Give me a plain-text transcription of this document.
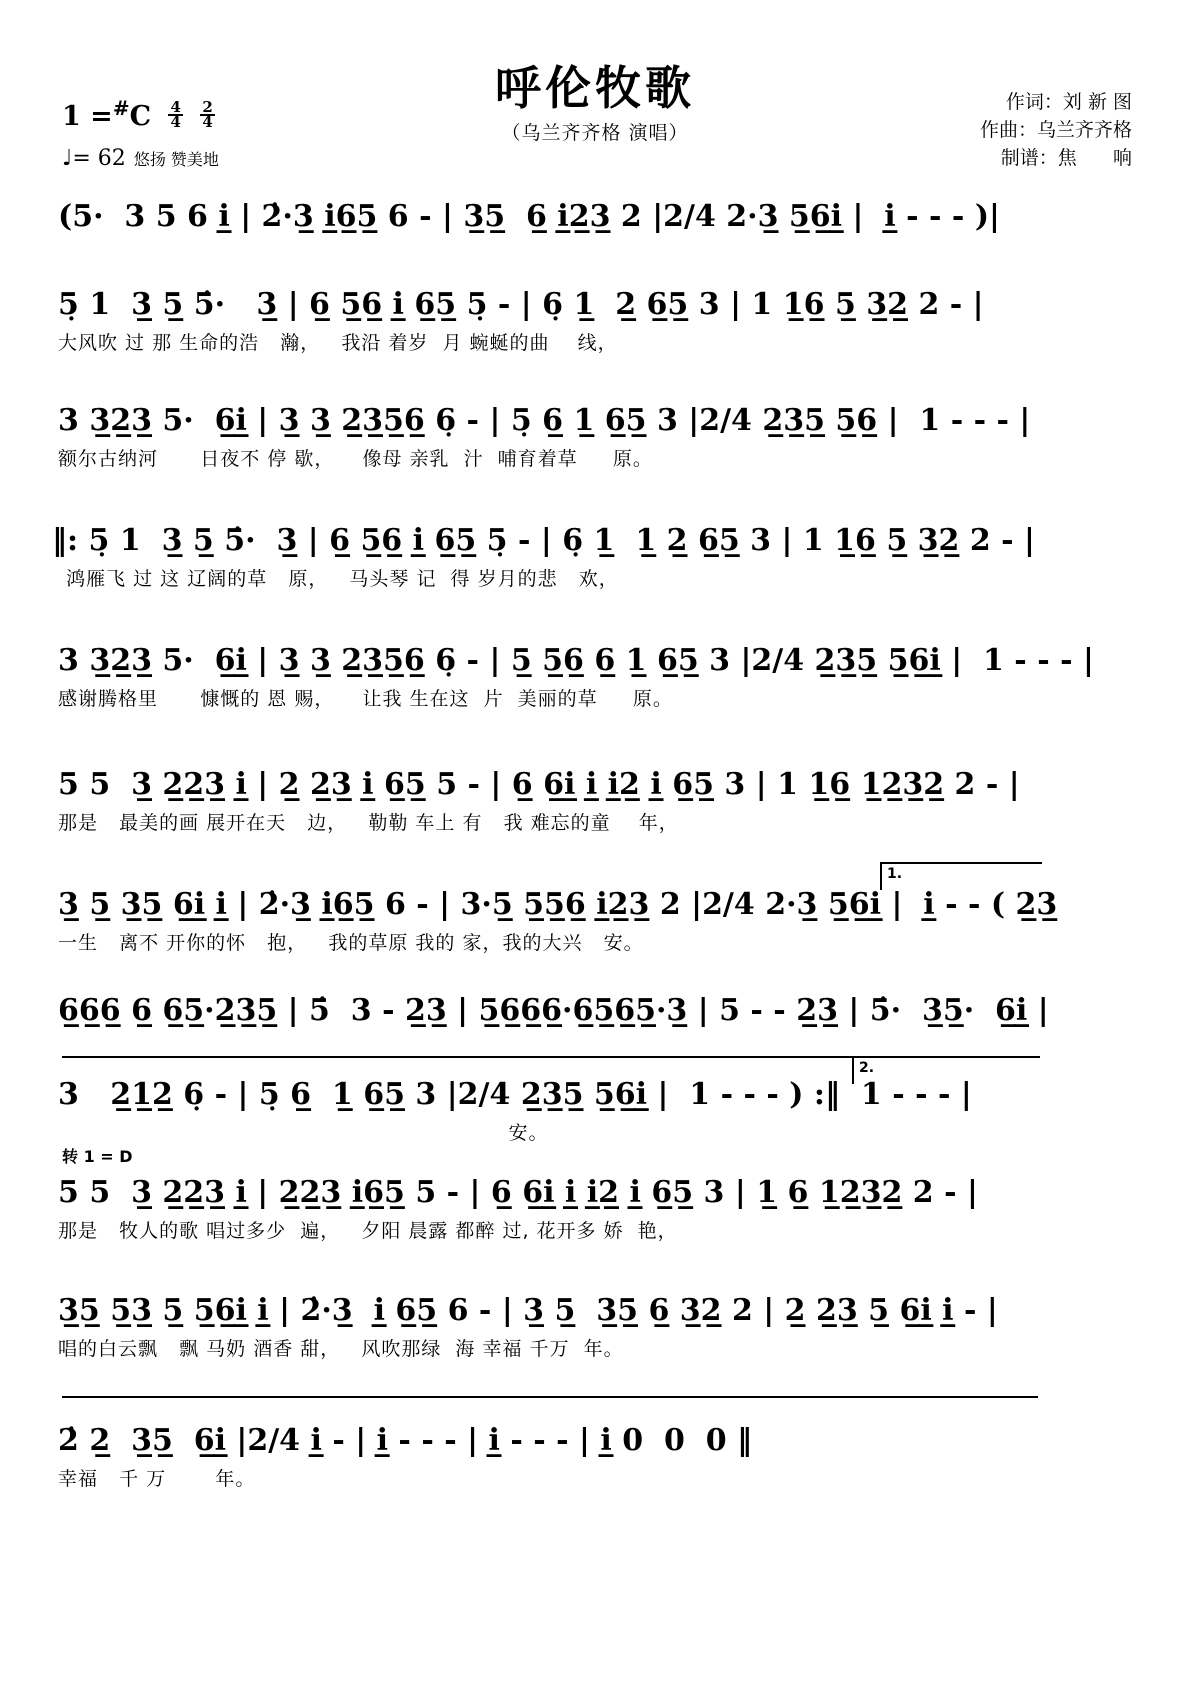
呼伦牧歌
（乌兰齐齐格 演唱）
作词：刘 新 图
作曲：乌兰齐齐格
制谱：焦      响
$1 =^{\#}C \frac{4}{4}$
$\frac{2}{4}$
♩= 62 悠扬 赞美地
(5·  3 5 6 i̲ | 2̇·3̲ i̲6̲5̲ 6 - | 3̲5̲  6̲ i̲2̲3̲ 2 |2/4 2·3̲ 5̲6̲i̲ |  i̲ - - - )|
5̣ 1  3̲ 5̲ 5̇·   3̲ | 6̲ 5̲6̲ i̲ 6̲5̲ 5̣ - | 6̣ 1̲  2̲ 6̲5̲ 3 | 1 1̲6̲ 5̲ 3̲2̲ 2 - |
大风吹 过 那 生命的浩   瀚，   我沿 着岁  月 蜿蜒的曲    线，
3 3̲2̲3̲ 5·  6̲i̲ | 3̲ 3̲ 2̲3̲5̲6̲ 6̣ - | 5̣ 6̲ 1̲ 6̲5̲ 3 |2/4 2̲3̲5̲ 5̲6̲ |  1 - - - |
额尔古纳河      日夜不 停 歇，    像母 亲乳  汁  哺育着草     原。
‖: 5̣ 1  3̲ 5̲ 5̇·  3̲ | 6̲ 5̲6̲ i̲ 6̲5̲ 5̣ - | 6̣ 1̲  1̲ 2̲ 6̲5̲ 3 | 1 1̲6̲ 5̲ 3̲2̲ 2 - |
鸿雁飞 过 这 辽阔的草   原，   马头琴 记  得 岁月的悲   欢，
3 3̲2̲3̲ 5·  6̲i̲ | 3̲ 3̲ 2̲3̲5̲6̲ 6̣ - | 5̲ 5̲6̲ 6̲ 1̲ 6̲5̲ 3 |2/4 2̲3̲5̲ 5̲6̲i̲ |  1 - - - |
感谢腾格里      慷慨的 恩 赐，    让我 生在这  片  美丽的草     原。
5 5  3̲ 2̲2̲3̲ i̲ | 2̲ 2̲3̲ i̲ 6̲5̲ 5 - | 6̲ 6̲i̲ i̲ i̲2̲ i̲ 6̲5̲ 3 | 1 1̲6̲ 1̲2̲3̲2̲ 2 - |
那是   最美的画 展开在天   边，   勒勒 车上 有   我 难忘的童    年，
3̲ 5̲ 3̲5̲ 6̲i̲ i̲ | 2̇·3̲ i̲6̲5̲ 6 - | 3·5̲ 5̲5̲6̲ i̲2̲3̲ 2 |2/4 2·3̲ 5̲6̲i̲ |  i̲ - - ( 2̲3̲
一生   离不 开你的怀   抱，   我的草原 我的 家，我的大兴   安。
1.
6̲6̲6̲ 6̲ 6̲5̲·2̲3̲5̲ | 5̇  3 - 2̲3̲ | 5̲6̲6̲6̲·6̲5̲6̲5̲·3̲ | 5 - - 2̲3̲ | 5̇·  3̲5̲·  6̲i̲ |
2.
3   2̲1̲2̲ 6̣ - | 5̣ 6̲  1̲ 6̲5̲ 3 |2/4 2̲3̲5̲ 5̲6̲i̲ |  1 - - - ) :‖  1 - - - |
安。
转 1 = D
5 5  3̲ 2̲2̲3̲ i̲ | 2̲2̲3̲ i̲6̲5̲ 5 - | 6̲ 6̲i̲ i̲ i̲2̲ i̲ 6̲5̲ 3 | 1̲ 6̲ 1̲2̲3̲2̲ 2 - |
那是   牧人的歌 唱过多少  遍，   夕阳 晨露 都醉 过, 花开多 娇  艳，
3̲5̲ 5̲3̲ 5̲ 5̲6̲i̲ i̲ | 2̇·3̲  i̲ 6̲5̲ 6 - | 3̲ 5̲  3̲5̲ 6̲ 3̲2̲ 2 | 2̲ 2̲3̲ 5̲ 6̲i̲ i̲ - |
唱的白云飘   飘 马奶 酒香 甜，   风吹那绿  海 幸福 千万  年。
2̇ 2̲  3̲5̲  6̲i̲ |2/4 i̲ - | i̲ - - - | i̲ - - - | i̲ 0  0  0 ‖
幸福   千 万       年。
